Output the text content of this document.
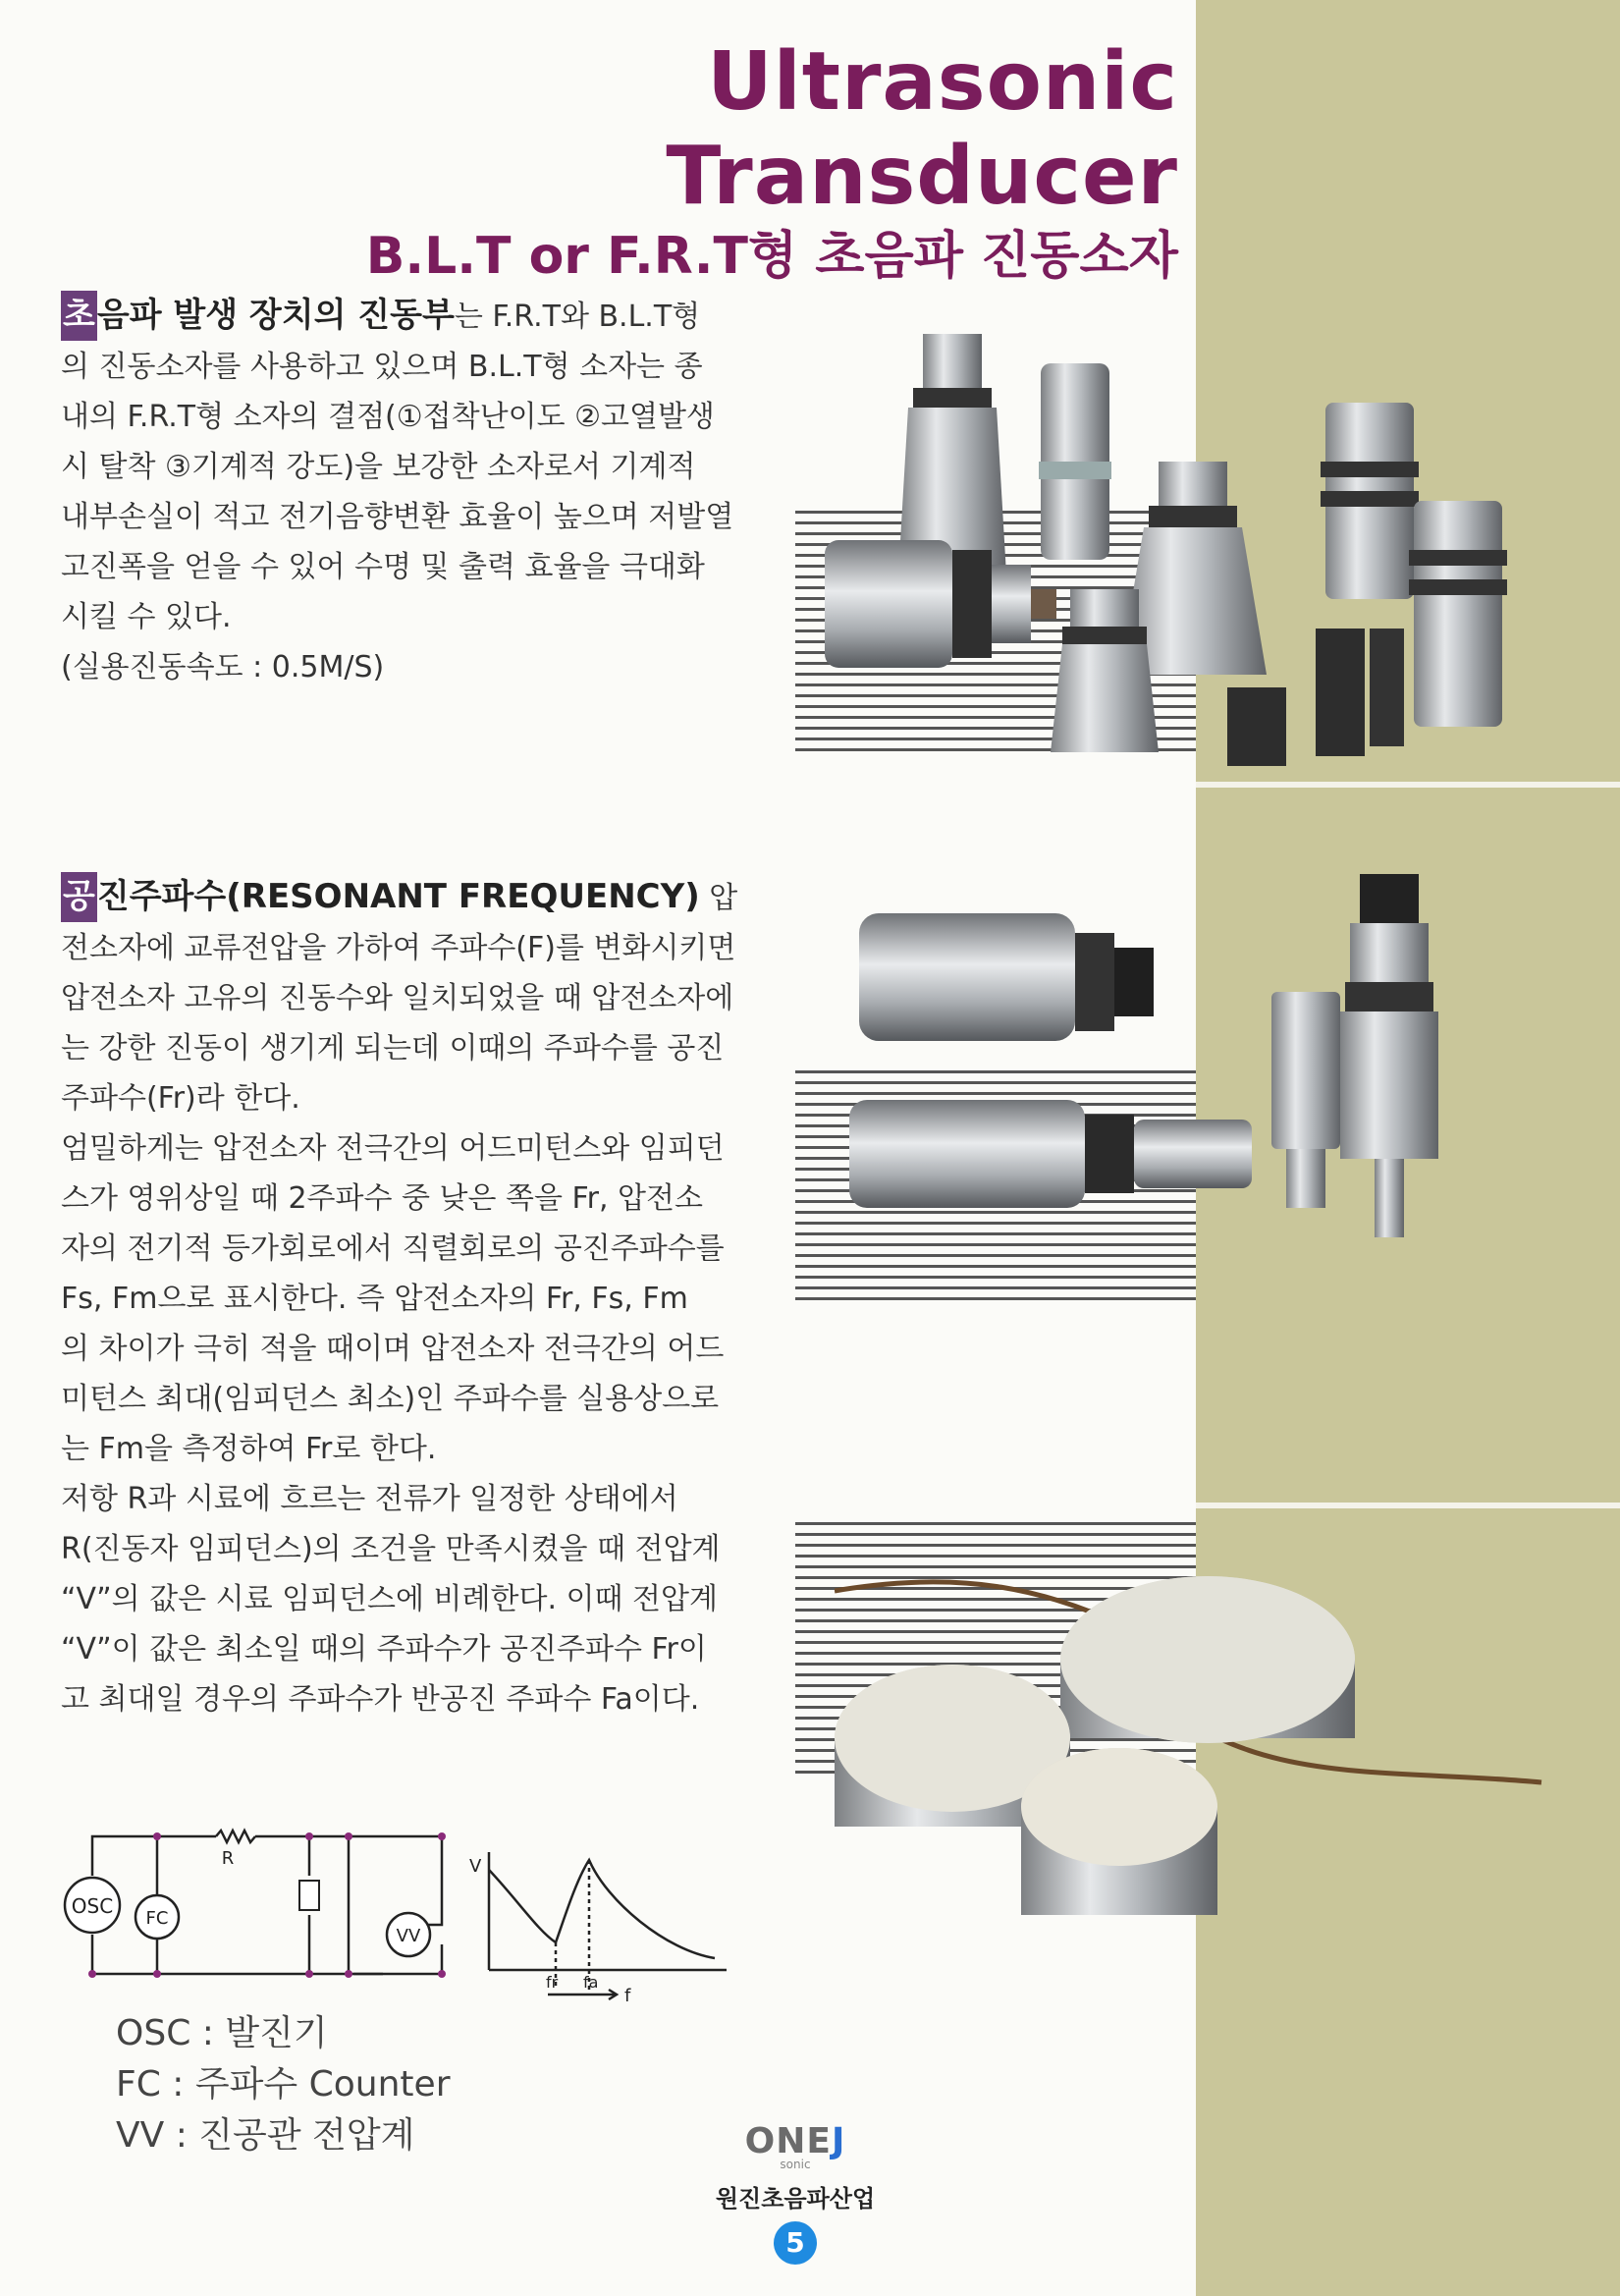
Ultrasonic Transducer
B.L.T or F.R.T형 초음파 진동소자

초음파 발생 장치의 진동부는 F.R.T와 B.L.T형

의 진동소자를 사용하고 있으며 B.L.T형 소자는 종

내의 F.R.T형 소자의 결점(①접착난이도 ②고열발생

시 탈착 ③기계적 강도)을 보강한 소자로서 기계적

내부손실이 적고 전기음향변환 효율이 높으며 저발열

고진폭을 얻을 수 있어 수명 및 출력 효율을 극대화

시킬 수 있다.

(실용진동속도 : 0.5M/S)

공진주파수(RESONANT FREQUENCY) 압

전소자에 교류전압을 가하여 주파수(F)를 변화시키면

압전소자 고유의 진동수와 일치되었을 때 압전소자에

는 강한 진동이 생기게 되는데 이때의 주파수를 공진

주파수(Fr)라 한다.

엄밀하게는 압전소자 전극간의 어드미턴스와 임피던

스가 영위상일 때 2주파수 중 낮은 쪽을 Fr, 압전소

자의 전기적 등가회로에서 직렬회로의 공진주파수를

Fs, Fm으로 표시한다. 즉 압전소자의 Fr, Fs, Fm

의 차이가 극히 적을 때이며 압전소자 전극간의 어드

미턴스 최대(임피던스 최소)인 주파수를 실용상으로

는 Fm을 측정하여 Fr로 한다.

저항 R과 시료에 흐르는 전류가 일정한 상태에서

R(진동자 임피던스)의 조건을 만족시켰을 때 전압계

“V”의 값은 시료 임피던스에 비례한다. 이때 전압계

“V”이 값은 최소일 때의 주파수가 공진주파수 Fr이

고 최대일 경우의 주파수가 반공진 주파수 Fa이다.

OSC
FC
VV
R	V
f
fr fa
OSC : 발진기
FC : 주파수 Counter
VV : 진공관 전압계	ONEJ
sonic
원진초음파산업
5
